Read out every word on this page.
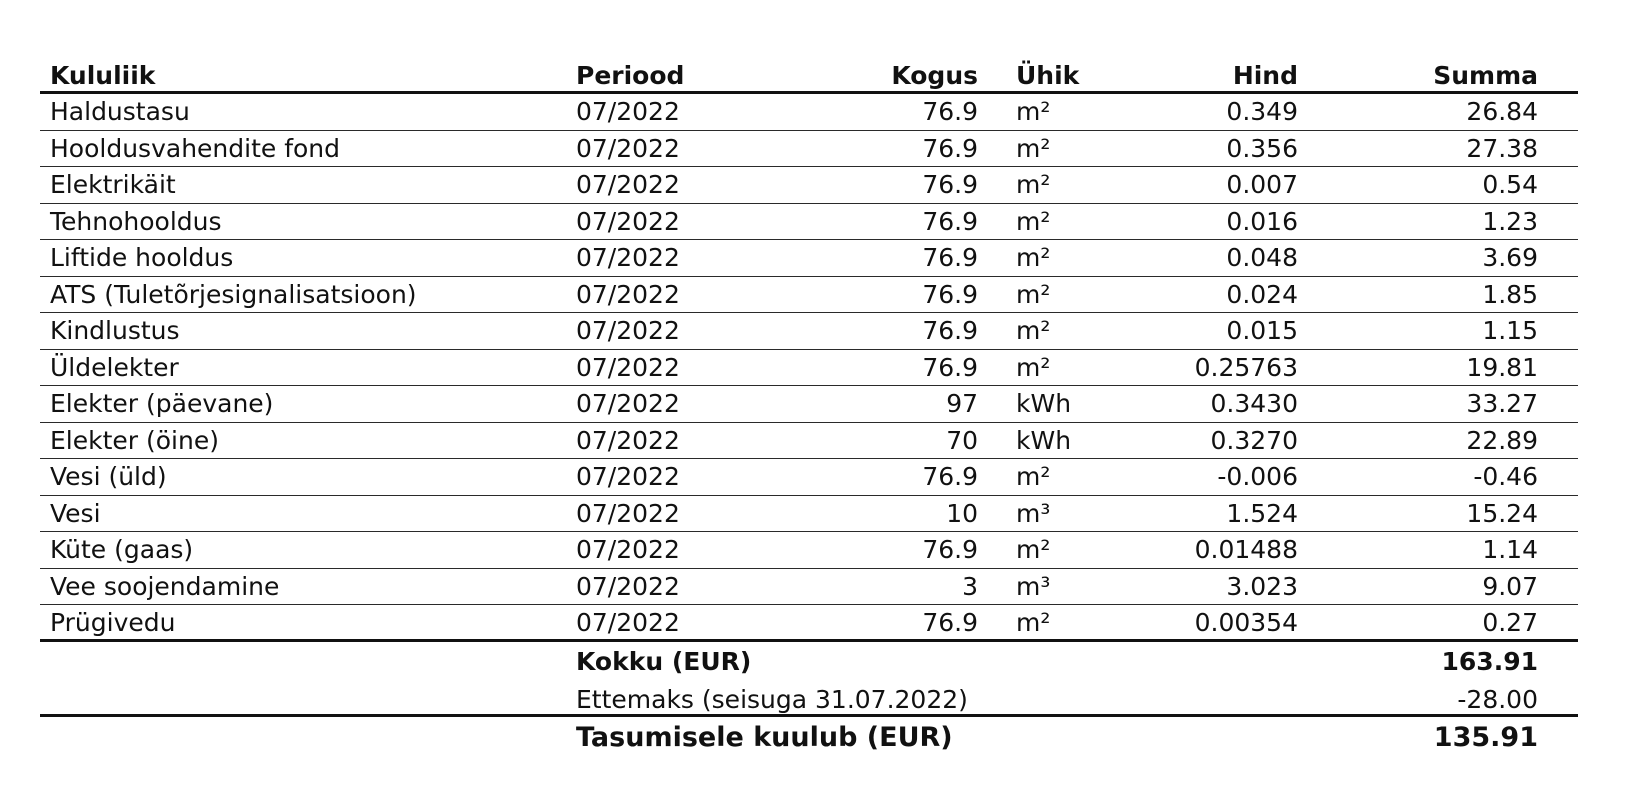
Kululiik	Periood	Kogus Ühik	Hind	Summa
Haldustasu	07/2022	76.9 m²	0.349	26.84
Hooldusvahendite fond	07/2022	76.9 m²	0.356	27.38
Elektrikäit	07/2022	76.9 m²	0.007	0.54
Tehnohooldus	07/2022	76.9 m²	0.016	1.23
Liftide hooldus	07/2022	76.9 m²	0.048	3.69
ATS (Tuletõrjesignalisatsioon)	07/2022	76.9 m²	0.024	1.85
Kindlustus	07/2022	76.9 m²	0.015	1.15
Üldelekter	07/2022	76.9 m²	0.25763	19.81
Elekter (päevane)	07/2022	97 kWh	0.3430	33.27
Elekter (öine)	07/2022	70 kWh	0.3270	22.89
Vesi (üld)	07/2022	76.9 m²	-0.006	-0.46
Vesi	07/2022	10 m³	1.524	15.24
Küte (gaas)	07/2022	76.9 m²	0.01488	1.14
Vee soojendamine	07/2022	3 m³	3.023	9.07
Prügivedu	07/2022	76.9 m²	0.00354	0.27
Kokku (EUR)	163.91
Ettemaks (seisuga 31.07.2022)	-28.00
Tasumisele kuulub (EUR)	135.91
